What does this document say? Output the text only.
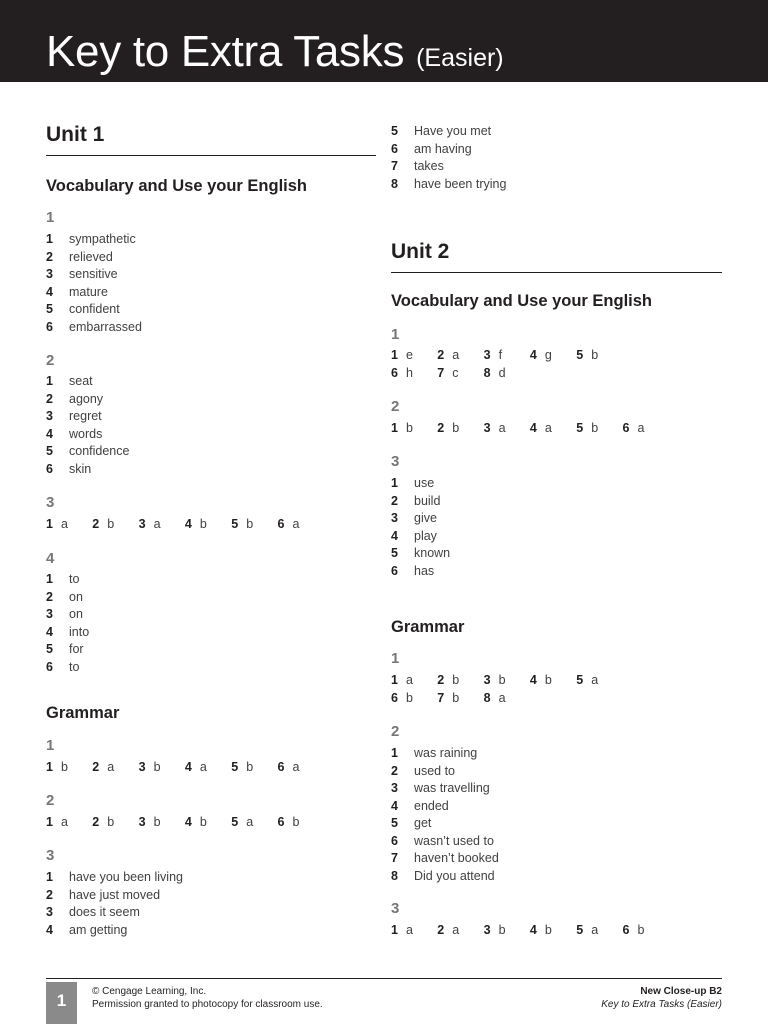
Key to Extra Tasks (Easier)
Unit 1
Vocabulary and Use your English
1
1 sympathetic
2 relieved
3 sensitive
4 mature
5 confident
6 embarrassed
2
1 seat
2 agony
3 regret
4 words
5 confidence
6 skin
3
1 a 2 b 3 a 4 b 5 b 6 a
4
1 to
2 on
3 on
4 into
5 for
6 to
Grammar
1
1 b 2 a 3 b 4 a 5 b 6 a
2
1 a 2 b 3 b 4 b 5 a 6 b
3
1 have you been living
2 have just moved
3 does it seem
4 am getting
5 Have you met
6 am having
7 takes
8 have been trying
Unit 2
Vocabulary and Use your English
1
1 e 2 a 3 f 4 g 5 b
6 h 7 c 8 d
2
1 b 2 b 3 a 4 a 5 b 6 a
3
1 use
2 build
3 give
4 play
5 known
6 has
Grammar
1
1 a 2 b 3 b 4 b 5 a
6 b 7 b 8 a
2
1 was raining
2 used to
3 was travelling
4 ended
5 get
6 wasn’t used to
7 haven’t booked
8 Did you attend
3
1 a 2 a 3 b 4 b 5 a 6 b
1	© Cengage Learning, Inc.
Permission granted to photocopy for classroom use.
New Close-up B2
Key to Extra Tasks (Easier)
